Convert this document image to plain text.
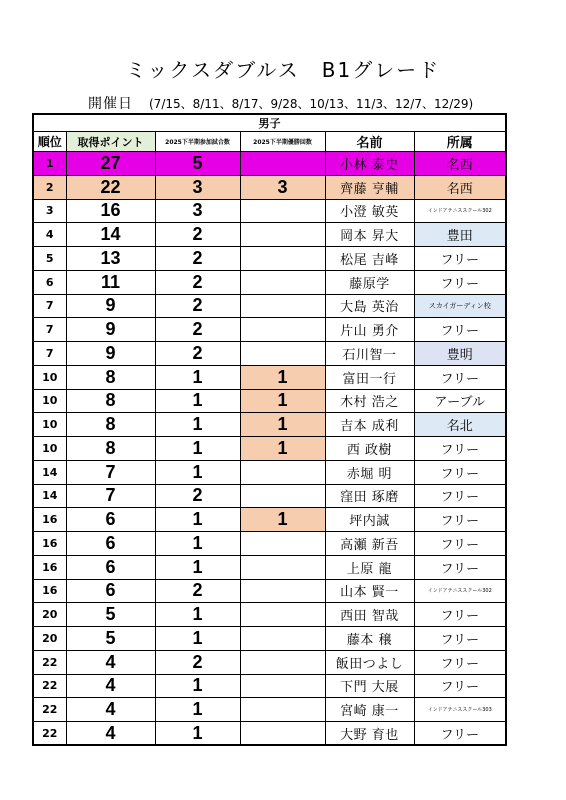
ミックスダブルス　B1グレード
開催日 (7/15、8/11、8/17、9/28、10/13、11/3、12/7、12/29)
男子					
順位	取得ポイント	2025下半期参加試合数	2025下半期優勝回数	名前	所属
1	27	5		小林 泰史	名西
2	22	3	3	齊藤 亨輔	名西
3	16	3		小澄 敏英	インドアテニススクール302
4	14	2		岡本 昇大	豊田
5	13	2		松尾 吉峰	フリー
6	11	2		藤原学	フリー
7	9	2		大島 英治	スカイガーディン校
7	9	2		片山 勇介	フリー
7	9	2		石川智一	豊明
10	8	1	1	富田一行	フリー
10	8	1	1	木村 浩之	アーブル
10	8	1	1	吉本 成利	名北
10	8	1	1	西 政樹	フリー
14	7	1		赤堀 明	フリー
14	7	2		窪田 琢磨	フリー
16	6	1	1	坪内誠	フリー
16	6	1		高瀬 新吾	フリー
16	6	1		上原 龍	フリー
16	6	2		山本 賢一	インドアテニススクール302
20	5	1		西田 智哉	フリー
20	5	1		藤本 穣	フリー
22	4	2		飯田つよし	フリー
22	4	1		下門 大展	フリー
22	4	1		宮崎 康一	インドアテニススクール303
22	4	1		大野 育也	フリー
